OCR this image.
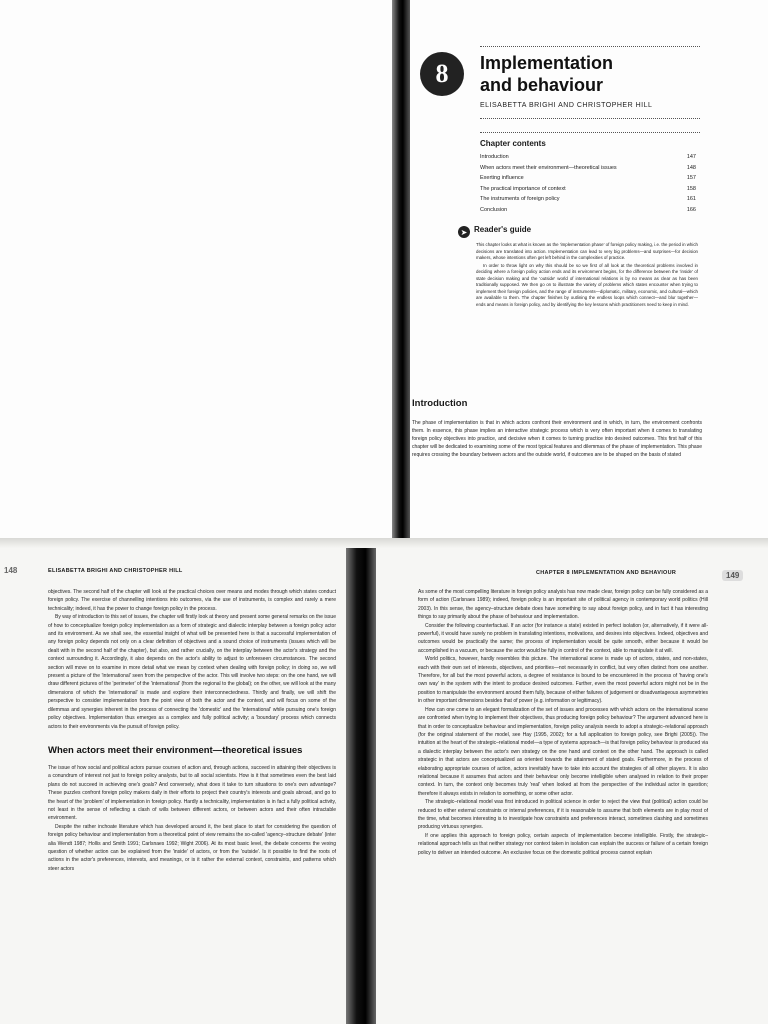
8	Implementation
and behaviour
ELISABETTA BRIGHI AND CHRISTOPHER HILL
Chapter contents
Introduction	147
When actors meet their environment—theoretical issues	148
Exerting influence	157
The practical importance of context	158
The instruments of foreign policy	161
Conclusion	166
➤ Reader's guide

This chapter looks at what is known as the 'implementation phase' of foreign policy making, i.e. the period in which decisions are translated into action. Implementation can lead to very big problems—and surprises—for decision makers, whose intentions often get left behind in the complexities of practice.

In order to throw light on why this should be so we first of all look at the theoretical problems involved in deciding where a foreign policy action ends and its environment begins, for the difference between the 'inside' of state decision making and the 'outside' world of international relations is by no means as clear as has been traditionally supposed. We then go on to illustrate the variety of problems which states encounter when trying to implement their foreign policies, and the range of instruments—diplomatic, military, economic, and cultural—which are available to them. The chapter finishes by outlining the endless loops which connect—and blur together—ends and means in foreign policy, and by identifying the key lessons which practitioners need to keep in mind.

Introduction
The phase of implementation is that in which actors confront their environment and in which, in turn, the environment confronts them. In essence, this phase implies an interactive strategic process which is very often important when it comes to translating foreign policy objectives into practice, and decisive when it comes to turning practice into desired outcomes. This first half of this chapter will be dedicated to examining some of the most typical features and dilemmas of the phase of implementation. This phase requires crossing the boundary between actors and the outside world, if outcomes are to be shaped on the basis of stated
148	ELISABETTA BRIGHI AND CHRISTOPHER HILL

objectives. The second half of the chapter will look at the practical choices over means and modes through which states conduct foreign policy. The exercise of channelling intentions into outcomes, via the use of instruments, is complex and rarely a mere technicality; indeed, it has the power to change foreign policy in the process.

By way of introduction to this set of issues, the chapter will firstly look at theory and present some general remarks on the issue of how to conceptualize foreign policy implementation as a form of strategic and dialectic interplay between a foreign policy actor and its environment. As we shall see, the essential insight of what will be presented here is that a successful implementation of any foreign policy depends not only on a clear definition of objectives and a sound choice of instruments (issues which will be dealt with in the second half of the chapter), but also, and rather crucially, on the interplay between the actor's strategy and the context surrounding it. Accordingly, it also depends on the actor's ability to adjust to unforeseen circumstances. The second section will move on to examine in more detail what we mean by context when dealing with foreign policy; in doing so, we will present a picture of the 'international' seen from the perspective of the actor. This will involve two steps: on the one hand, we will draw different pictures of the 'perimeter' of the 'international' (from the regional to the global); on the other, we will look at the many dimensions of which the 'international' is made and explore their interconnectedness. Thirdly and finally, we will shift the perspective to consider implementation from the point view of both the actor and the context, and will focus on some of the dilemmas and synergies inherent in the process of connecting the 'domestic' and the 'international' while pursuing one's foreign policy objectives. Implementation thus emerges as a complex and fully political activity; a 'boundary' process which connects actors to their environments via the pursuit of foreign policy.

When actors meet their environment—theoretical issues

The issue of how social and political actors pursue courses of action and, through actions, succeed in attaining their objectives is a conundrum of interest not just to foreign policy analysts, but to all social scientists. How is it that sometimes even the best laid plans do not succeed in achieving one's goals? And conversely, what does it take to turn situations to one's own advantage? These puzzles confront foreign policy makers daily in their efforts to project their country's interests and goals abroad, and go to the heart of the 'problem' of implementation in foreign policy. Hardly a technicality, implementation is in fact a fully political activity, not least in the sense of reflecting a clash of wills between different actors, or between actors and their often intractable environment.

Despite the rather inchoate literature which has developed around it, the best place to start for considering the question of foreign policy behaviour and implementation from a theoretical point of view remains the so-called 'agency–structure debate' (inter alia Wendt 1987; Hollis and Smith 1991; Carlsnaes 1992; Wight 2006). At its most basic level, the debate concerns the vexing question of whether action can be explained from the 'inside' of actors, or from the 'outside'. Is it possible to find the roots of actions in the actor's preferences, interests, and meanings, or is it rather the external context, constraints, and patterns which steer actors

CHAPTER 8 IMPLEMENTATION AND BEHAVIOUR	149

As some of the most compelling literature in foreign policy analysis has now made clear, foreign policy can be fully considered as a form of action (Carlsnaes 1989); indeed, foreign policy is an important site of political agency in contemporary world politics (Hill 2003). In this sense, the agency–structure debate does have something to say about foreign policy, and in fact it has interesting things to say primarily about the phase of behaviour and implementation.

Consider the following counterfactual. If an actor (for instance a state) existed in perfect isolation (or, alternatively, if it were all-powerful), it would have surely no problem in translating intentions, motivations, and desires into objectives. Indeed, objectives and outcomes would be practically the same; the process of implementation would be quite smooth, either because it would be accomplished in a vacuum, or because the actor would be fully in control of the context, able to manipulate it at will.

World politics, however, hardly resembles this picture. The international scene is made up of actors, states, and non-states, each with their own set of interests, objectives, and priorities—not necessarily in conflict, but very often distinct from one another. Therefore, for all but the most powerful actors, a degree of resistance is bound to be encountered in the process of 'having one's own way' in the system with the intent to produce desired outcomes. Further, even the most powerful actors might not be in the position to manipulate the environment around them fully, because of either failures of judgement or disadvantageous asymmetries in other important dimensions besides that of power (e.g. information or legitimacy).

How can one come to an elegant formalization of the set of issues and processes with which actors on the international scene are confronted when trying to implement their objectives, thus producing foreign policy behaviour? The argument advanced here is that in order to conceptualize behaviour and implementation, foreign policy analysis needs to adopt a strategic–relational approach (for the original statement of the model, see Hay (1995, 2002); for a full application to foreign policy, see Brighi (2005)). The intuition at the heart of the strategic–relational model—a type of systems approach—is that foreign policy behaviour is produced via a dialectic interplay between the actor's own strategy on the one hand and context on the other hand. The approach is called strategic in that actors are conceptualized as oriented towards the attainment of stated goals. Furthermore, in the process of elaborating appropriate courses of action, actors inevitably have to take into account the strategies of all other players. It is also relational because it assumes that actors and their behaviour only become intelligible when analysed in relation to their proper context. In turn, the context only becomes truly 'real' when looked at from the perspective of the individual actor in question; therefore it always exists in relation to something, or some other actor.

The strategic–relational model was first introduced in political science in order to reject the view that (political) action could be reduced to either external constraints or internal preferences, if it is reasonable to assume that both elements are in play most of the time, what becomes interesting is to investigate how constraints and preferences interact, sometimes clashing and sometimes producing virtuous synergies.

If one applies this approach to foreign policy, certain aspects of implementation become intelligible. Firstly, the strategic–relational approach tells us that neither strategy nor context taken in isolation can explain the success or failure of a certain foreign policy to deliver an intended outcome. An exclusive focus on the domestic political process cannot explain
